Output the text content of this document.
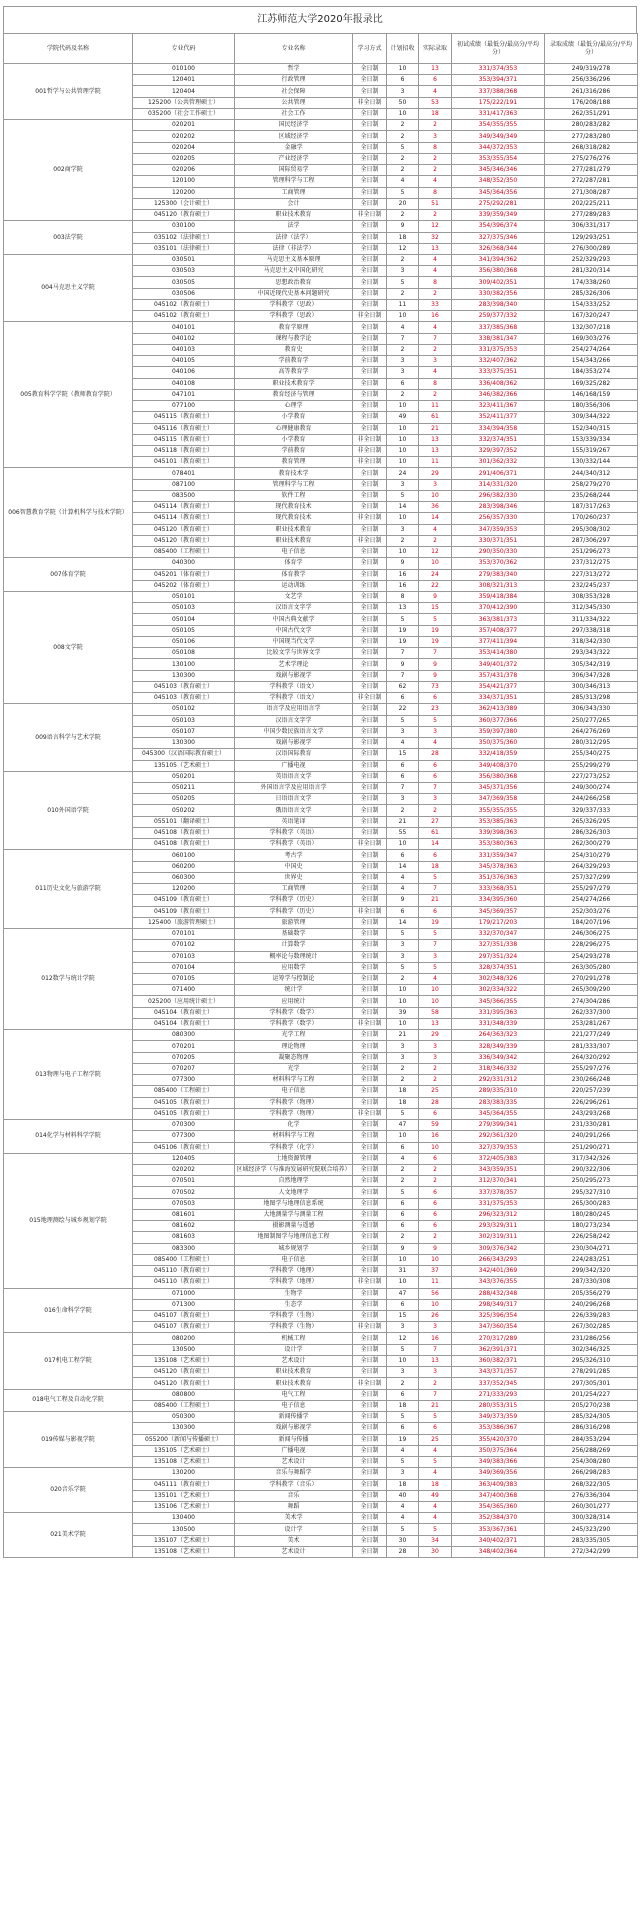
江苏师范大学2020年报录比
学院代码及名称	专业代码	专业名称	学习方式	计划招收	实际录取	初试成绩（最低分/最高分/平均分）	录取成绩（最低分/最高分/平均分）
001哲学与公共管理学院	010100	哲学	全日制	10	13	331/374/353	249/319/278
	120401	行政管理	全日制	6	6	353/394/371	256/336/296
	120404	社会保障	全日制	3	4	337/388/368	261/316/286
	125200（公共管理硕士）	公共管理	非全日制	50	53	175/222/191	176/208/188
	035200（社会工作硕士）	社会工作	全日制	10	18	331/417/363	262/351/291
002商学院	020201	国民经济学	全日制	2	2	354/355/355	280/283/282
	020202	区域经济学	全日制	2	3	349/349/349	277/283/280
	020204	金融学	全日制	5	8	344/372/353	268/318/282
	020205	产业经济学	全日制	2	2	353/355/354	275/276/276
	020206	国际贸易学	全日制	2	2	345/346/346	277/281/279
	120100	管理科学与工程	全日制	4	4	348/352/350	272/287/281
	120200	工商管理	全日制	5	8	345/364/356	271/308/287
	125300（会计硕士）	会计	全日制	20	51	275/292/281	202/225/211
	045120（教育硕士）	职业技术教育	非全日制	2	2	339/359/349	277/289/283
003法学院	030100	法学	全日制	9	12	354/396/374	306/331/317
	035102（法律硕士）	法律（法学）	全日制	18	32	327/375/346	129/293/251
	035101（法律硕士）	法律（非法学）	全日制	12	13	326/368/344	276/300/289
004马克思主义学院	030501	马克思主义基本原理	全日制	2	4	341/394/362	252/329/293
	030503	马克思主义中国化研究	全日制	3	4	356/380/368	281/320/314
	030505	思想政治教育	全日制	5	8	309/402/351	174/338/260
	030506	中国近现代史基本问题研究	全日制	2	2	330/382/356	285/326/306
	045102（教育硕士）	学科教学（思政）	全日制	11	33	283/398/340	154/333/252
	045102（教育硕士）	学科教学（思政）	非全日制	10	16	259/377/332	167/320/247
005教育科学学院（教师教育学院）	040101	教育学原理	全日制	4	4	337/385/368	132/307/218
	040102	课程与教学论	全日制	7	7	338/381/347	169/303/276
	040103	教育史	全日制	2	2	331/375/353	254/274/264
	040105	学前教育学	全日制	3	3	332/407/362	154/343/266
	040106	高等教育学	全日制	3	4	333/375/351	184/353/274
	040108	职业技术教育学	全日制	6	8	336/408/362	169/325/282
	047101	教育经济与管理	全日制	2	2	346/382/366	146/168/159
	077100	心理学	全日制	10	11	323/411/367	180/356/306
	045115（教育硕士）	小学教育	全日制	49	61	352/411/377	309/344/322
	045116（教育硕士）	心理健康教育	全日制	10	21	334/394/358	152/340/315
	045115（教育硕士）	小学教育	非全日制	10	13	332/374/351	153/339/334
	045118（教育硕士）	学前教育	非全日制	10	13	329/397/352	155/319/267
	045101（教育硕士）	教育管理	非全日制	10	11	301/362/332	130/332/144
006智慧教育学院（计算机科学与技术学院）	078401	教育技术学	全日制	24	29	291/406/371	244/340/312
	087100	管理科学与工程	全日制	3	3	314/331/320	258/279/270
	083500	软件工程	全日制	5	10	296/382/330	235/268/244
	045114（教育硕士）	现代教育技术	全日制	14	36	283/398/346	187/317/263
	045114（教育硕士）	现代教育技术	非全日制	10	14	256/357/330	170/260/237
	045120（教育硕士）	职业技术教育	全日制	3	4	347/359/353	295/308/302
	045120（教育硕士）	职业技术教育	非全日制	2	2	330/371/351	287/306/297
	085400（工程硕士）	电子信息	全日制	10	12	290/350/330	251/296/273
007体育学院	040300	体育学	全日制	9	10	353/370/362	237/312/275
	045201（体育硕士）	体育教学	全日制	16	24	279/383/340	227/313/272
	045202（体育硕士）	运动训练	全日制	16	22	308/321/313	232/245/237
008文学院	050101	文艺学	全日制	8	9	359/418/384	308/353/328
	050103	汉语言文字学	全日制	13	15	370/412/390	312/345/330
	050104	中国古典文献学	全日制	5	5	363/381/373	311/334/322
	050105	中国古代文学	全日制	19	19	357/408/377	297/338/318
	050106	中国现当代文学	全日制	19	19	377/411/394	318/342/330
	050108	比较文学与世界文学	全日制	7	7	353/414/380	293/343/322
	130100	艺术学理论	全日制	9	9	349/401/372	305/342/319
	130300	戏剧与影视学	全日制	7	9	357/431/378	306/347/328
	045103（教育硕士）	学科教学（语文）	全日制	62	73	354/421/377	300/346/313
	045103（教育硕士）	学科教学（语文）	非全日制	6	6	334/371/351	285/313/298
009语言科学与艺术学院	050102	语言学及应用语言学	全日制	22	23	362/413/389	306/343/330
	050103	汉语言文字学	全日制	5	5	360/377/366	250/277/265
	050107	中国少数民族语言文学	全日制	3	3	359/397/380	264/276/269
	130300	戏剧与影视学	全日制	4	4	350/375/360	280/312/295
	045300（汉语国际教育硕士）	汉语国际教育	全日制	15	28	332/418/359	255/340/275
	135105（艺术硕士）	广播电视	全日制	6	6	349/408/370	255/299/279
010外国语学院	050201	英语语言文学	全日制	6	6	356/380/368	227/273/252
	050211	外国语言学及应用语言学	全日制	7	7	345/371/356	249/300/274
	050205	日语语言文学	全日制	3	3	347/369/358	244/266/258
	050202	俄语语言文学	全日制	2	2	355/355/355	329/337/333
	055101（翻译硕士）	英语笔译	全日制	21	27	353/385/363	265/326/295
	045108（教育硕士）	学科教学（英语）	全日制	55	61	339/398/363	286/326/303
	045108（教育硕士）	学科教学（英语）	非全日制	10	14	353/380/363	262/300/279
011历史文化与旅游学院	060100	考古学	全日制	6	6	331/359/347	254/310/279
	060200	中国史	全日制	14	18	345/378/363	264/329/293
	060300	世界史	全日制	4	5	351/376/363	257/327/299
	120200	工商管理	全日制	4	7	333/368/351	255/297/279
	045109（教育硕士）	学科教学（历史）	全日制	9	21	334/395/360	254/274/266
	045109（教育硕士）	学科教学（历史）	非全日制	6	6	345/369/357	252/303/276
	125400（旅游管理硕士）	旅游管理	全日制	14	19	179/217/203	184/207/196
012数学与统计学院	070101	基础数学	全日制	5	5	332/370/347	246/306/275
	070102	计算数学	全日制	3	7	327/351/338	228/296/275
	070103	概率论与数理统计	全日制	3	3	297/351/324	254/293/278
	070104	应用数学	全日制	5	5	328/374/351	263/305/280
	070105	运筹学与控制论	全日制	2	4	302/348/326	270/291/278
	071400	统计学	全日制	10	10	302/334/322	265/309/290
	025200（应用统计硕士）	应用统计	全日制	10	10	345/366/355	274/304/286
	045104（教育硕士）	学科教学（数学）	全日制	39	58	331/395/363	262/337/300
	045104（教育硕士）	学科教学（数学）	非全日制	10	13	331/348/339	253/281/267
013物理与电子工程学院	080300	光学工程	全日制	21	29	264/363/323	221/277/249
	070201	理论物理	全日制	3	3	328/349/339	281/333/307
	070205	凝聚态物理	全日制	3	3	336/349/342	264/320/292
	070207	光学	全日制	2	2	318/346/332	255/297/276
	077300	材料科学与工程	全日制	2	2	292/331/312	230/266/248
	085400（工程硕士）	电子信息	全日制	18	25	289/335/310	220/257/239
	045105（教育硕士）	学科教学（物理）	全日制	18	28	283/383/335	226/296/261
	045105（教育硕士）	学科教学（物理）	非全日制	5	6	345/364/355	243/293/268
014化学与材料科学学院	070300	化学	全日制	47	59	279/399/341	231/330/281
	077300	材料科学与工程	全日制	10	16	292/361/320	240/291/266
	045106（教育硕士）	学科教学（化学）	全日制	6	10	327/379/353	251/290/271
015地理测绘与城乡规划学院	120405	土地资源管理	全日制	4	6	372/405/383	317/342/326
	020202	区域经济学（与淮海发展研究院联合培养）	全日制	2	2	343/359/351	290/322/306
	070501	自然地理学	全日制	2	2	312/370/341	250/295/273
	070502	人文地理学	全日制	5	6	337/378/357	295/327/310
	070503	地图学与地理信息系统	全日制	6	6	331/375/353	265/300/283
	081601	大地测量学与测量工程	全日制	6	6	296/323/312	180/280/245
	081602	摄影测量与遥感	全日制	6	6	293/329/311	180/273/234
	081603	地图制图学与地理信息工程	全日制	2	2	302/319/311	226/258/242
	083300	城乡规划学	全日制	9	9	309/376/342	230/304/271
	085400（工程硕士）	电子信息	全日制	10	10	266/343/293	224/283/251
	045110（教育硕士）	学科教学（地理）	全日制	31	37	342/401/369	299/342/320
	045110（教育硕士）	学科教学（地理）	非全日制	10	11	343/376/355	287/330/308
016生命科学学院	071000	生物学	全日制	47	56	288/432/348	205/356/279
	071300	生态学	全日制	6	10	298/349/317	240/296/268
	045107（教育硕士）	学科教学（生物）	全日制	15	26	325/396/354	226/339/283
	045107（教育硕士）	学科教学（生物）	非全日制	3	3	347/360/354	267/302/285
017机电工程学院	080200	机械工程	全日制	12	16	270/317/289	231/286/256
	130500	设计学	全日制	5	7	362/391/371	302/346/325
	135108（艺术硕士）	艺术设计	全日制	10	13	360/382/371	295/326/310
	045120（教育硕士）	职业技术教育	全日制	3	3	343/371/357	278/291/285
	045120（教育硕士）	职业技术教育	非全日制	2	2	337/352/345	297/305/301
018电气工程及自动化学院	080800	电气工程	全日制	6	7	271/333/293	201/254/227
	085400（工程硕士）	电子信息	全日制	18	21	280/353/315	205/270/238
019传媒与影视学院	050300	新闻传播学	全日制	5	5	349/373/359	285/324/305
	130300	戏剧与影视学	全日制	6	6	353/386/367	286/316/298
	055200（新闻与传播硕士）	新闻与传播	全日制	19	25	355/420/370	284/353/294
	135105（艺术硕士）	广播电视	全日制	4	4	350/375/364	256/288/269
	135108（艺术硕士）	艺术设计	全日制	5	5	349/383/366	254/308/280
020音乐学院	130200	音乐与舞蹈学	全日制	3	4	349/369/356	266/298/283
	045111（教育硕士）	学科教学（音乐）	全日制	18	18	363/409/383	268/322/305
	135101（艺术硕士）	音乐	全日制	40	49	347/400/368	276/336/304
	135106（艺术硕士）	舞蹈	全日制	4	4	354/365/360	260/301/277
021美术学院	130400	美术学	全日制	4	4	352/384/370	300/328/314
	130500	设计学	全日制	5	5	353/367/361	245/323/290
	135107（艺术硕士）	美术	全日制	30	34	340/402/371	283/335/305
	135108（艺术硕士）	艺术设计	全日制	28	30	348/402/364	272/342/299
